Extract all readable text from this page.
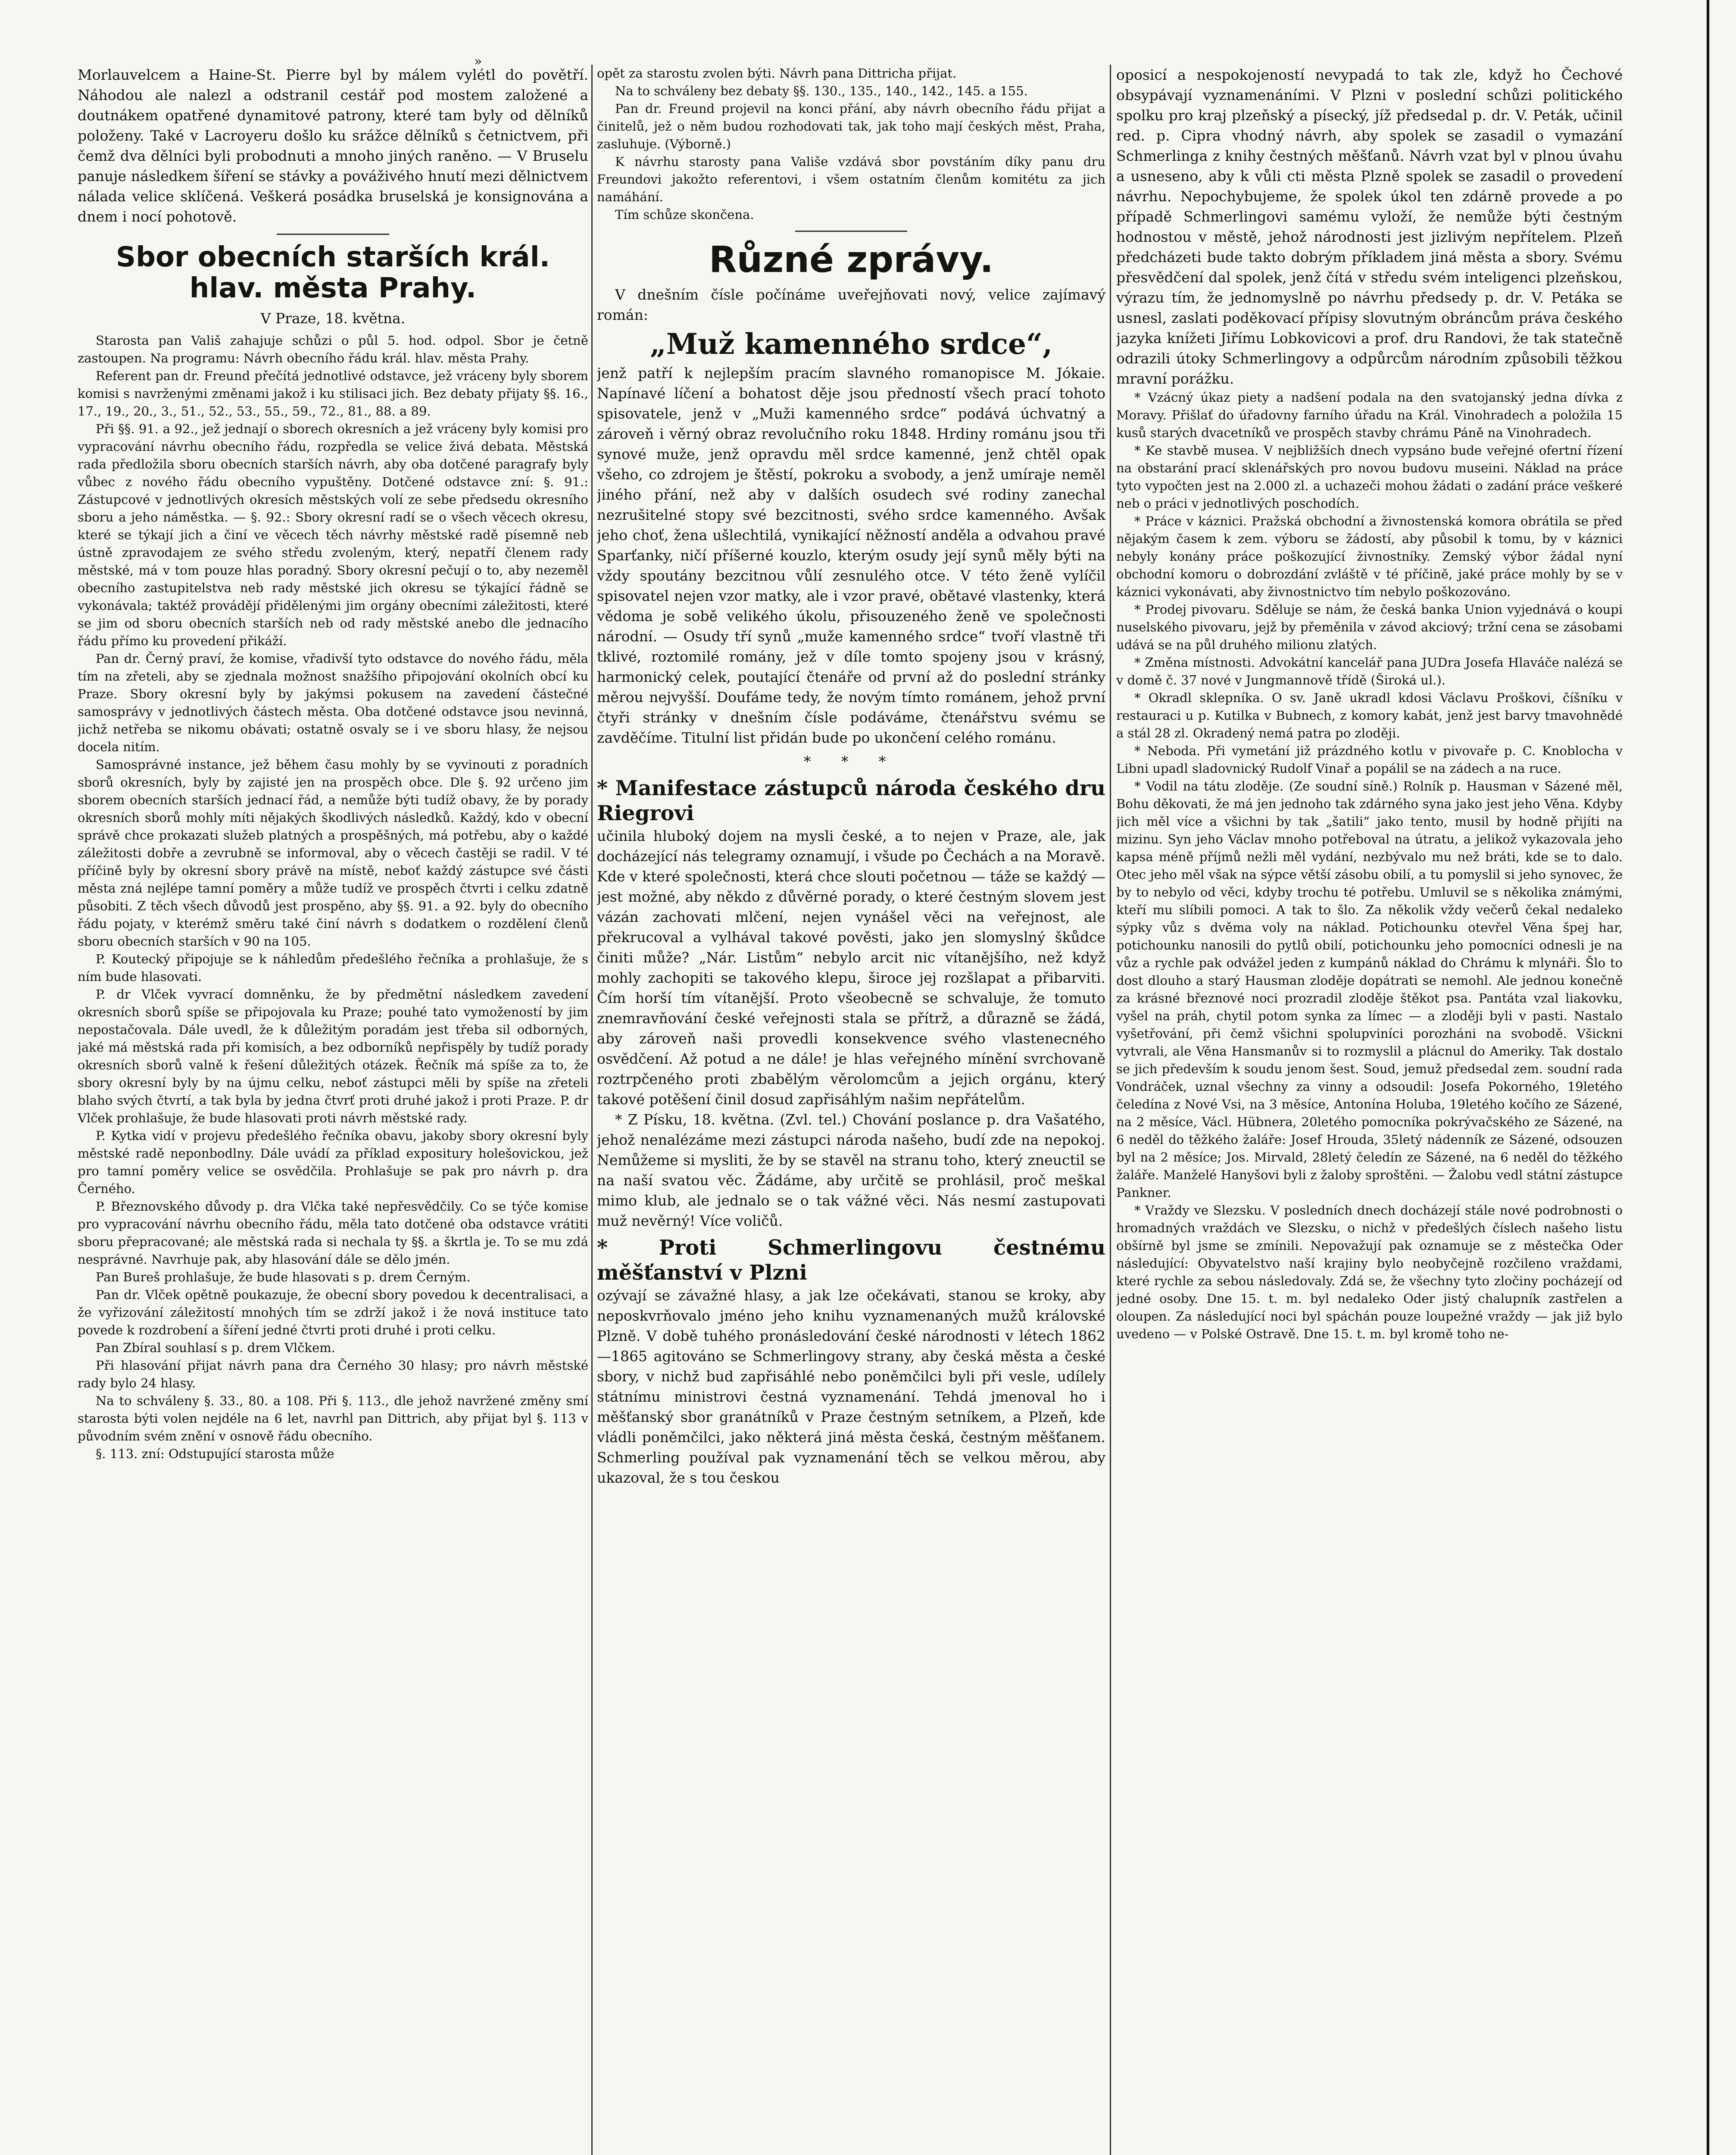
»

Morlauvelcem a Haine-St. Pierre byl by málem vylétl do povětří. Náhodou ale nalezl a odstranil cestář pod mostem založené a doutnákem opatřené dynamitové patrony, které tam byly od dělníků položeny. Také v Lacroyeru došlo ku srážce dělníků s četnictvem, při čemž dva dělníci byli probodnuti a mnoho jiných raněno. — V Bruselu panuje následkem šíření se stávky a pováživého hnutí mezi dělnictvem nálada velice sklíčená. Veškerá posádka bruselská je konsignována a dnem i nocí pohotově.

Sbor obecních starších král. hlav. města Prahy.
V Praze, 18. května.

Starosta pan Vališ zahajuje schůzi o půl 5. hod. odpol. Sbor je četně zastoupen. Na programu: Návrh obecního řádu král. hlav. města Prahy.

Referent pan dr. Freund přečítá jednotlivé odstavce, jež vráceny byly sborem komisi s navrženými změnami jakož i ku stilisaci jich. Bez debaty přijaty §§. 16., 17., 19., 20., 3., 51., 52., 53., 55., 59., 72., 81., 88. a 89.

Při §§. 91. a 92., jež jednají o sborech okresních a jež vráceny byly komisi pro vypracování návrhu obecního řádu, rozpředla se velice živá debata. Městská rada předložila sboru obecních starších návrh, aby oba dotčené paragrafy byly vůbec z nového řádu obecního vypuštěny. Dotčené odstavce zní: §. 91.: Zástupcové v jednotlivých okresích městských volí ze sebe předsedu okresního sboru a jeho náměstka. — §. 92.: Sbory okresní radí se o všech věcech okresu, které se týkají jich a činí ve věcech těch návrhy městské radě písemně neb ústně zpravodajem ze svého středu zvoleným, který, nepatří členem rady městské, má v tom pouze hlas poradný. Sbory okresní pečují o to, aby nezeměl obecního zastupitelstva neb rady městské jich okresu se týkající řádně se vykonávala; taktéž provádějí přidělenými jim orgány obecními záležitosti, které se jim od sboru obecních starších neb od rady městské anebo dle jednacího řádu přímo ku provedení přikáží.

Pan dr. Černý praví, že komise, vřadivší tyto odstavce do nového řádu, měla tím na zřeteli, aby se zjednala možnost snažšího připojování okolních obcí ku Praze. Sbory okresní byly by jakýmsi pokusem na zavedení částečné samosprávy v jednotlivých částech města. Oba dotčené odstavce jsou nevinná, jichž netřeba se nikomu obávati; ostatně osvaly se i ve sboru hlasy, že nejsou docela nitím.

Samosprávné instance, jež během času mohly by se vyvinouti z poradních sborů okresních, byly by zajisté jen na prospěch obce. Dle §. 92 určeno jim sborem obecních starších jednací řád, a nemůže býti tudíž obavy, že by porady okresních sborů mohly míti nějakých škodlivých následků. Každý, kdo v obecní správě chce prokazati služeb platných a prospěšných, má potřebu, aby o každé záležitosti dobře a zevrubně se informoval, aby o věcech častěji se radil. V té příčině byly by okresní sbory právě na místě, neboť každý zástupce své části města zná nejlépe tamní poměry a může tudíž ve prospěch čtvrti i celku zdatně působiti. Z těch všech důvodů jest prospěno, aby §§. 91. a 92. byly do obecního řádu pojaty, v kterémž směru také činí návrh s dodatkem o rozdělení členů sboru obecních starších v 90 na 105.

P. Koutecký připojuje se k náhledům předešlého řečníka a prohlašuje, že s ním bude hlasovati.

P. dr Vlček vyvrací domněnku, že by předmětní následkem zavedení okresních sborů spíše se připojovala ku Praze; pouhé tato vymožeností by jim nepostačovala. Dále uvedl, že k důležitým poradám jest třeba sil odborných, jaké má městská rada při komisích, a bez odborníků nepřispěly by tudíž porady okresních sborů valně k řešení důležitých otázek. Řečník má spíše za to, že sbory okresní byly by na újmu celku, neboť zástupci měli by spíše na zřeteli blaho svých čtvrtí, a tak byla by jedna čtvrť proti druhé jakož i proti Praze. P. dr Vlček prohlašuje, že bude hlasovati proti návrh městské rady.

P. Kytka vidí v projevu předešlého řečníka obavu, jakoby sbory okresní byly městské radě neponbodlny. Dále uvádí za příklad expositury holešovickou, jež pro tamní poměry velice se osvědčila. Prohlašuje se pak pro návrh p. dra Černého.

P. Březnovského důvody p. dra Vlčka také nepřesvědčily. Co se týče komise pro vypracování návrhu obecního řádu, měla tato dotčené oba odstavce vrátiti sboru přepracované; ale městská rada si nechala ty §§. a škrtla je. To se mu zdá nesprávné. Navrhuje pak, aby hlasování dále se dělo jmén.

Pan Bureš prohlašuje, že bude hlasovati s p. drem Černým.

Pan dr. Vlček opětně poukazuje, že obecní sbory povedou k decentralisaci, a že vyřizování záležitostí mnohých tím se zdrží jakož i že nová instituce tato povede k rozdrobení a šíření jedné čtvrti proti druhé i proti celku.

Pan Zbíral souhlasí s p. drem Vlčkem.

Při hlasování přijat návrh pana dra Černého 30 hlasy; pro návrh městské rady bylo 24 hlasy.

Na to schváleny §. 33., 80. a 108. Při §. 113., dle jehož navržené změny smí starosta býti volen nejdéle na 6 let, navrhl pan Dittrich, aby přijat byl §. 113 v původním svém znění v osnově řádu obecního.

§. 113. zní: Odstupující starosta může

opět za starostu zvolen býti. Návrh pana Dittricha přijat.

Na to schváleny bez debaty §§. 130., 135., 140., 142., 145. a 155.

Pan dr. Freund projevil na konci přání, aby návrh obecního řádu přijat a činitelů, jež o něm budou rozhodovati tak, jak toho mají českých měst, Praha, zasluhuje. (Výborně.)

K návrhu starosty pana Vališe vzdává sbor povstáním díky panu dru Freundovi jakožto referentovi, i všem ostatním členům komitétu za jich namáhání.

Tím schůze skončena.

Různé zprávy.

V dnešním čísle počínáme uveřejňovati nový, velice zajímavý román:

„Muž kamenného srdce“,

jenž patří k nejlepším pracím slavného romanopisce M. Jókaie. Napínavé líčení a bohatost děje jsou předností všech prací tohoto spisovatele, jenž v „Muži kamenného srdce“ podává úchvatný a zároveň i věrný obraz revolučního roku 1848. Hrdiny románu jsou tři synové muže, jenž opravdu měl srdce kamenné, jenž chtěl opak všeho, co zdrojem je štěstí, pokroku a svobody, a jenž umíraje neměl jiného přání, než aby v dalších osudech své rodiny zanechal nezrušitelné stopy své bezcitnosti, svého srdce kamenného. Avšak jeho choť, žena ušlechtilá, vynikající něžností anděla a odvahou pravé Sparťanky, ničí příšerné kouzlo, kterým osudy její synů měly býti na vždy spoutány bezcitnou vůlí zesnulého otce. V této ženě vylíčil spisovatel nejen vzor matky, ale i vzor pravé, obětavé vlastenky, která vědoma je sobě velikého úkolu, přisouzeného ženě ve společnosti národní. — Osudy tří synů „muže kamenného srdce“ tvoří vlastně tři tklivé, roztomilé romány, jež v díle tomto spojeny jsou v krásný, harmonický celek, poutající čtenáře od první až do poslední stránky měrou nejvyšší. Doufáme tedy, že novým tímto románem, jehož první čtyři stránky v dnešním čísle podáváme, čtenářstvu svému se zavděčíme. Titulní list přidán bude po ukončení celého románu.

* * *
* Manifestace zástupců národa českého dru Riegrovi

učinila hluboký dojem na mysli české, a to nejen v Praze, ale, jak docházející nás telegramy oznamují, i všude po Čechách a na Moravě. Kde v které společnosti, která chce slouti početnou — táže se každý — jest možné, aby někdo z důvěrné porady, o které čestným slovem jest vázán zachovati mlčení, nejen vynášel věci na veřejnost, ale překrucoval a vylhával takové pověsti, jako jen slomyslný škůdce činiti může? „Nár. Listům“ nebylo arcit nic vítanějšího, než když mohly zachopiti se takového klepu, široce jej rozšlapat a přibarviti. Čím horší tím vítanější. Proto všeobecně se schvaluje, že tomuto znemravňování české veřejnosti stala se přítrž, a důrazně se žádá, aby zároveň naši provedli konsekvence svého vlastenecného osvědčení. Až potud a ne dále! je hlas veřejného mínění svrchovaně roztrpčeného proti zbabělým věrolomcům a jejich orgánu, který takové potěšení činil dosud zapřisáhlým našim nepřátelům.

* Z Písku, 18. května. (Zvl. tel.) Chování poslance p. dra Vašatého, jehož nenalézáme mezi zástupci národa našeho, budí zde na nepokoj. Nemůžeme si mysliti, že by se stavěl na stranu toho, který zneuctil se na naší svatou věc. Žádáme, aby určitě se prohlásil, proč meškal mimo klub, ale jednalo se o tak vážné věci. Nás nesmí zastupovati muž nevěrný! Více voličů.

* Proti Schmerlingovu čestnému měšťanství v Plzni

ozývají se závažné hlasy, a jak lze očekávati, stanou se kroky, aby neposkvrňovalo jméno jeho knihu vyznamenaných mužů královské Plzně. V době tuhého pronásledování české národnosti v létech 1862—1865 agitováno se Schmerlingovy strany, aby česká města a české sbory, v nichž bud zapřisáhlé nebo poněmčilci byli při vesle, udílely státnímu ministrovi čestná vyznamenání. Tehdá jmenoval ho i měšťanský sbor granátníků v Praze čestným setníkem, a Plzeň, kde vládli poněmčilci, jako některá jiná města česká, čestným měšťanem. Schmerling používal pak vyznamenání těch se velkou měrou, aby ukazoval, že s tou českou

oposicí a nespokojeností nevypadá to tak zle, když ho Čechové obsypávají vyznamenáními. V Plzni v poslední schůzi politického spolku pro kraj plzeňský a písecký, jíž předsedal p. dr. V. Peták, učinil red. p. Cipra vhodný návrh, aby spolek se zasadil o vymazání Schmerlinga z knihy čestných měšťanů. Návrh vzat byl v plnou úvahu a usneseno, aby k vůli cti města Plzně spolek se zasadil o provedení návrhu. Nepochybujeme, že spolek úkol ten zdárně provede a po případě Schmerlingovi samému vyloží, že nemůže býti čestným hodnostou v městě, jehož národnosti jest jizlivým nepřítelem. Plzeň předcházeti bude takto dobrým příkladem jiná města a sbory. Svému přesvědčení dal spolek, jenž čítá v středu svém inteligenci plzeňskou, výrazu tím, že jednomyslně po návrhu předsedy p. dr. V. Petáka se usnesl, zaslati poděkovací přípisy slovutným obráncům práva českého jazyka knížeti Jiřímu Lobkovicovi a prof. dru Randovi, že tak statečně odrazili útoky Schmerlingovy a odpůrcům národním způsobili těžkou mravní porážku.

* Vzácný úkaz piety a nadšení podala na den svatojanský jedna dívka z Moravy. Přišlať do úřadovny farního úřadu na Král. Vinohradech a položila 15 kusů starých dvacetníků ve prospěch stavby chrámu Páně na Vinohradech.

* Ke stavbě musea. V nejbližších dnech vypsáno bude veřejné ofertní řízení na obstarání prací sklenářských pro novou budovu museini. Náklad na práce tyto vypočten jest na 2.000 zl. a uchazeči mohou žádati o zadání práce veškeré neb o práci v jednotlivých poschodích.

* Práce v káznici. Pražská obchodní a živnostenská komora obrátila se před nějakým časem k zem. výboru se žádostí, aby působil k tomu, by v káznici nebyly konány práce poškozující živnostníky. Zemský výbor žádal nyní obchodní komoru o dobrozdání zvláště v té příčině, jaké práce mohly by se v káznici vykonávati, aby živnostnictvo tím nebylo poškozováno.

* Prodej pivovaru. Sděluje se nám, že česká banka Union vyjednává o koupi nuselského pivovaru, jejž by přeměnila v závod akciový; tržní cena se zásobami udává se na půl druhého milionu zlatých.

* Změna místnosti. Advokátní kancelář pana JUDra Josefa Hlaváče nalézá se v domě č. 37 nové v Jungmannově třídě (Široká ul.).

* Okradl sklepníka. O sv. Janě ukradl kdosi Václavu Proškovi, číšníku v restauraci u p. Kutilka v Bubnech, z komory kabát, jenž jest barvy tmavohnědé a stál 28 zl. Okradený nemá patra po zloději.

* Neboda. Při vymetání již prázdného kotlu v pivovaře p. C. Knoblocha v Libni upadl sladovnický Rudolf Vinař a popálil se na zádech a na ruce.

* Vodil na tátu zloděje. (Ze soudní síně.) Rolník p. Hausman v Sázené měl, Bohu děkovati, že má jen jednoho tak zdárného syna jako jest jeho Věna. Kdyby jich měl více a všichni by tak „šatili“ jako tento, musil by hodně přijíti na mizinu. Syn jeho Václav mnoho potřeboval na útratu, a jelikož vykazovala jeho kapsa méně příjmů nežli měl vydání, nezbývalo mu než bráti, kde se to dalo. Otec jeho měl však na sýpce větší zásobu obilí, a tu pomyslil si jeho synovec, že by to nebylo od věci, kdyby trochu té potřebu. Umluvil se s několika známými, kteří mu slíbili pomoci. A tak to šlo. Za několik vždy večerů čekal nedaleko sýpky vůz s dvěma voly na náklad. Potichounku otevřel Věna špej har, potichounku nanosili do pytlů obilí, potichounku jeho pomocníci odnesli je na vůz a rychle pak odvážel jeden z kumpánů náklad do Chrámu k mlynáři. Šlo to dost dlouho a starý Hausman zloděje dopátrati se nemohl. Ale jednou konečně za krásné březnové noci prozradil zloděje štěkot psa. Pantáta vzal liakovku, vyšel na práh, chytil potom synka za límec — a zloději byli v pasti. Nastalo vyšetřování, při čemž všichni spolupviníci porozháni na svobodě. Všickni vytvrali, ale Věna Hansmanův si to rozmyslil a plácnul do Ameriky. Tak dostalo se jich především k soudu jenom šest. Soud, jemuž předsedal zem. soudní rada Vondráček, uznal všechny za vinny a odsoudil: Josefa Pokorného, 19letého čeledína z Nové Vsi, na 3 měsíce, Antonína Holuba, 19letého kočího ze Sázené, na 2 měsíce, Václ. Hübnera, 20letého pomocníka pokrývačského ze Sázené, na 6 neděl do těžkého žaláře: Josef Hrouda, 35letý nádenník ze Sázené, odsouzen byl na 2 měsíce; Jos. Mirvald, 28letý čeledín ze Sázené, na 6 neděl do těžkého žaláře. Manželé Hanyšovi byli z žaloby sproštěni. — Žalobu vedl státní zástupce Pankner.

* Vraždy ve Slezsku. V posledních dnech docházejí stále nové podrobnosti o hromadných vraždách ve Slezsku, o nichž v předešlých číslech našeho listu obšírně byl jsme se zmínili. Nepovažují pak oznamuje se z městečka Oder následující: Obyvatelstvo naší krajiny bylo neobyčejně rozčileno vraždami, které rychle za sebou následovaly. Zdá se, že všechny tyto zločiny pocházejí od jedné osoby. Dne 15. t. m. byl nedaleko Oder jistý chalupník zastřelen a oloupen. Za následující noci byl spáchán pouze loupežné vraždy — jak již bylo uvedeno — v Polské Ostravě. Dne 15. t. m. byl kromě toho ne-
